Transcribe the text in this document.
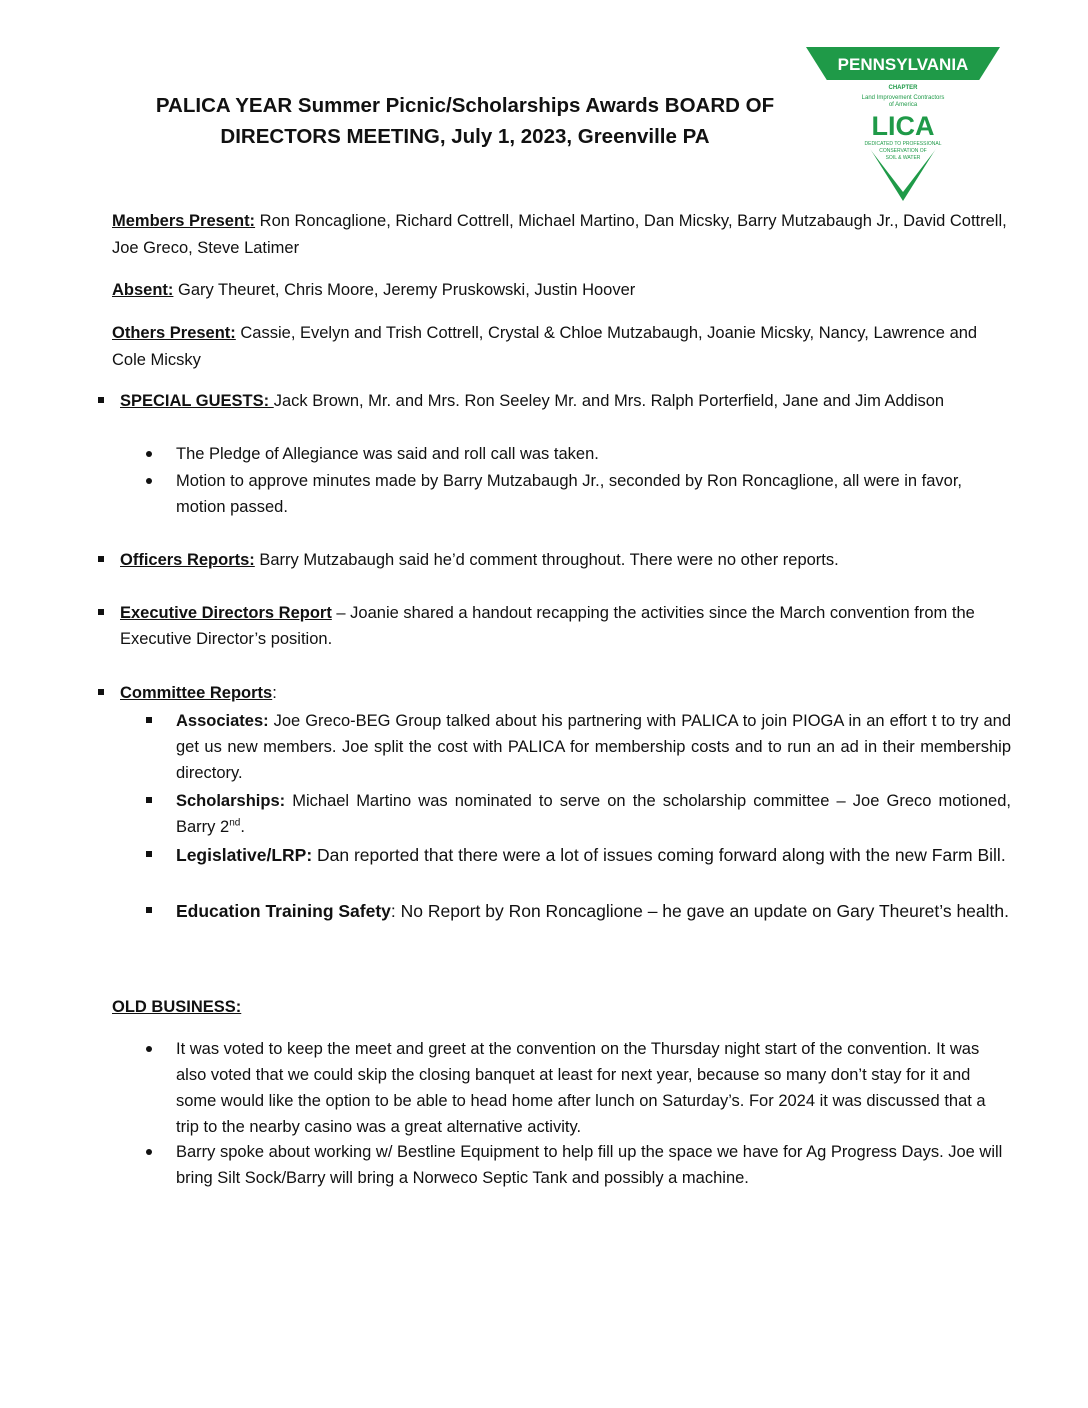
PALICA YEAR Summer Picnic/Scholarships Awards BOARD OF
DIRECTORS MEETING, July 1, 2023, Greenville PA
PENNSYLVANIA
CHAPTER
Land Improvement Contractors
of America
LICA
DEDICATED TO PROFESSIONAL
CONSERVATION OF
SOIL & WATER

Members Present: Ron Roncaglione, Richard Cottrell, Michael Martino, Dan Micsky, Barry Mutzabaugh Jr., David Cottrell, Joe Greco, Steve Latimer

Absent: Gary Theuret, Chris Moore, Jeremy Pruskowski, Justin Hoover

Others Present: Cassie, Evelyn and Trish Cottrell, Crystal & Chloe Mutzabaugh, Joanie Micsky, Nancy, Lawrence and Cole Micsky

SPECIAL GUESTS: Jack Brown, Mr. and Mrs. Ron Seeley Mr. and Mrs. Ralph Porterfield, Jane and Jim Addison

The Pledge of Allegiance was said and roll call was taken.

Motion to approve minutes made by Barry Mutzabaugh Jr., seconded by Ron Roncaglione, all were in favor, motion passed.

Officers Reports: Barry Mutzabaugh said he’d comment throughout. There were no other reports.

Executive Directors Report – Joanie shared a handout recapping the activities since the March convention from the Executive Director’s position.

Committee Reports:

Associates: Joe Greco-BEG Group talked about his partnering with PALICA to join PIOGA in an effort t to try and get us new members. Joe split the cost with PALICA for membership costs and to run an ad in their membership directory.

Scholarships: Michael Martino was nominated to serve on the scholarship committee – Joe Greco motioned, Barry 2nd.

Legislative/LRP: Dan reported that there were a lot of issues coming forward along with the new Farm Bill.

Education Training Safety: No Report by Ron Roncaglione – he gave an update on Gary Theuret’s health.

OLD BUSINESS:

It was voted to keep the meet and greet at the convention on the Thursday night start of the convention. It was also voted that we could skip the closing banquet at least for next year, because so many don’t stay for it and some would like the option to be able to head home after lunch on Saturday’s. For 2024 it was discussed that a trip to the nearby casino was a great alternative activity.

Barry spoke about working w/ Bestline Equipment to help fill up the space we have for Ag Progress Days. Joe will bring Silt Sock/Barry will bring a Norweco Septic Tank and possibly a machine.
